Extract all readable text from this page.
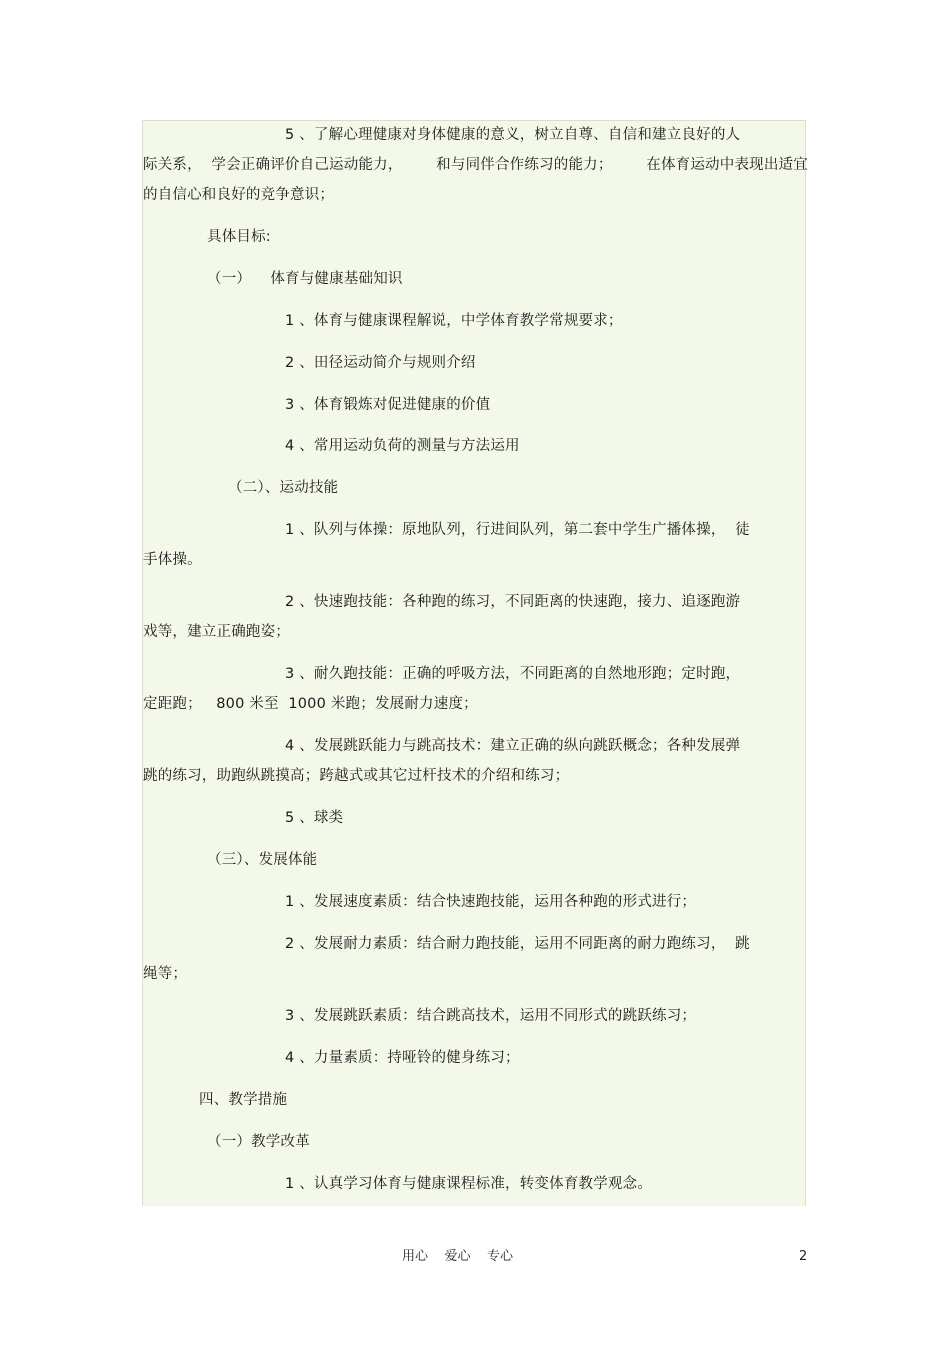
5 、了解心理健康对身体健康的意义，树立自尊、自信和建立良好的人
际关系，  学会正确评价自己运动能力，       和与同伴合作练习的能力；       在体育运动中表现出适宜
的自信心和良好的竞争意识；
具体目标:
（一）    体育与健康基础知识
1 、体育与健康课程解说，中学体育教学常规要求；
2 、田径运动简介与规则介绍
3 、体育锻炼对促进健康的价值
4 、常用运动负荷的测量与方法运用
（二）、运动技能
1 、队列与体操：原地队列，行进间队列，第二套中学生广播体操，  徒
手体操。
2 、快速跑技能：各种跑的练习，不同距离的快速跑，接力、追逐跑游
戏等，建立正确跑姿；
3 、耐久跑技能：正确的呼吸方法，不同距离的自然地形跑；定时跑，
定距跑；   800 米至  1000 米跑；发展耐力速度；
4 、发展跳跃能力与跳高技术：建立正确的纵向跳跃概念；各种发展弹
跳的练习，助跑纵跳摸高；跨越式或其它过杆技术的介绍和练习；
5 、球类
（三）、发展体能
1 、发展速度素质：结合快速跑技能，运用各种跑的形式进行；
2 、发展耐力素质：结合耐力跑技能，运用不同距离的耐力跑练习，  跳
绳等；
3 、发展跳跃素质：结合跳高技术，运用不同形式的跳跃练习；
4 、力量素质：持哑铃的健身练习；
四、教学措施
（一）教学改革
1 、认真学习体育与健康课程标准，转变体育教学观念。
用心    爱心    专心	2
